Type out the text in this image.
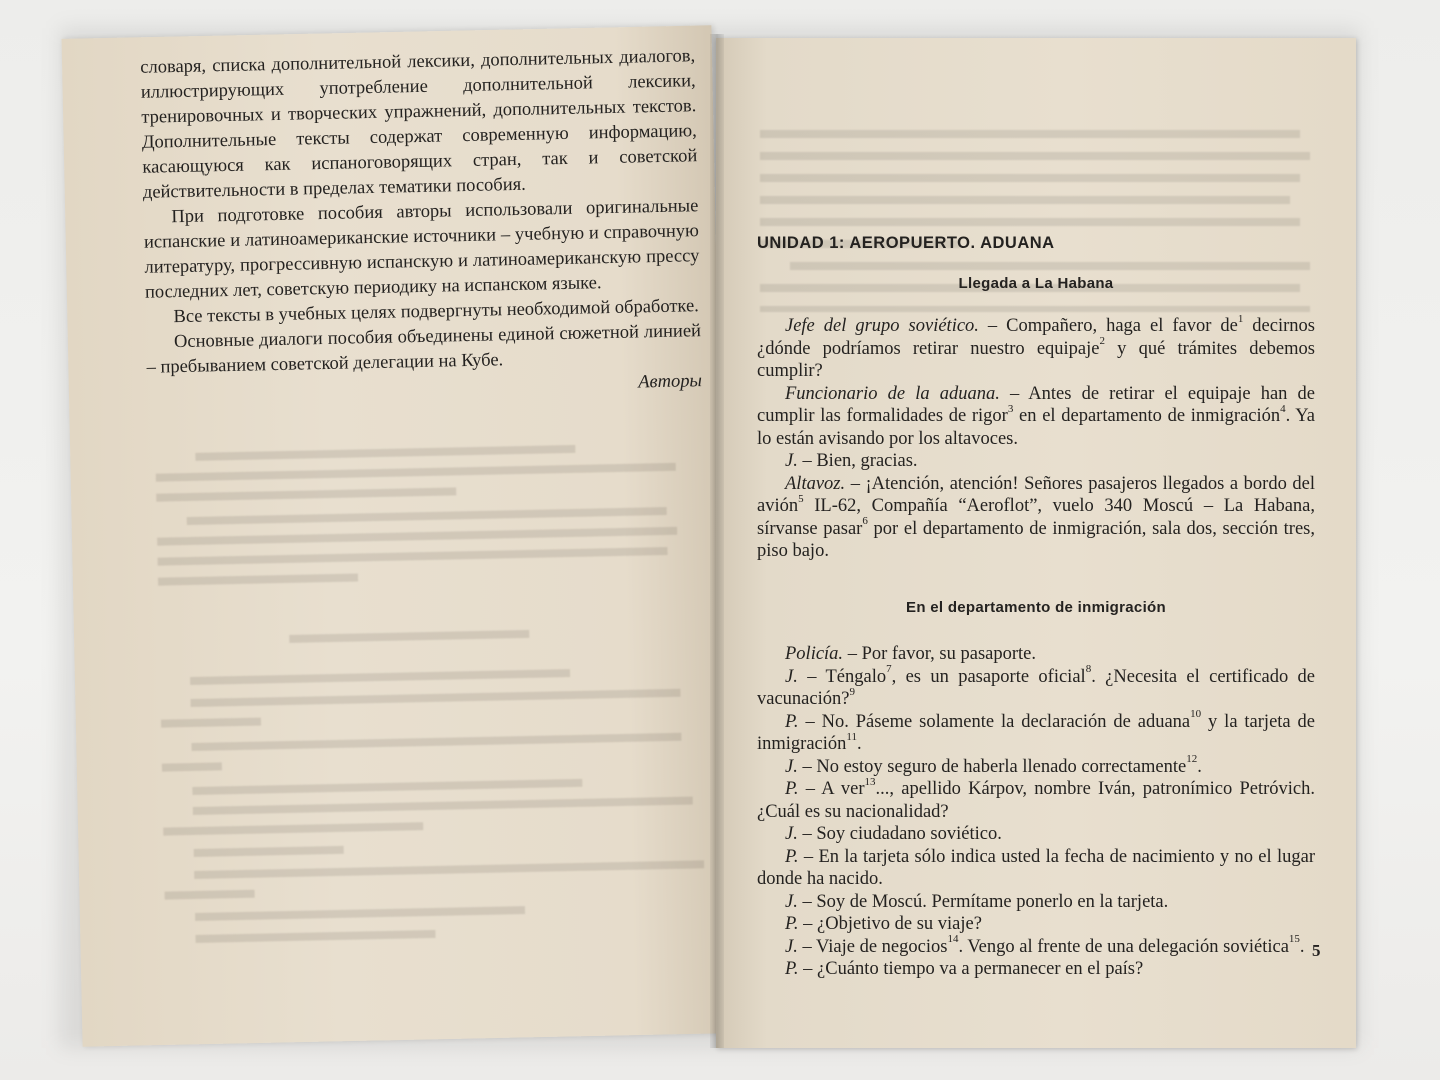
словаря, списка дополнительной лексики, дополнительных диалогов, иллюстрирующих употребление дополнительной лексики, тренировочных и творческих упражнений, дополнительных текстов. Дополнительные тексты содержат современную информацию, касающуюся как испаноговорящих стран, так и советской действительности в пределах тематики пособия.

При подготовке пособия авторы использовали оригинальные испанские и латиноамериканские источники – учебную и справочную литературу, прогрессивную испанскую и латиноамериканскую прессу последних лет, советскую периодику на испанском языке.

Все тексты в учебных целях подвергнуты необходимой обработке.

Основные диалоги пособия объединены единой сюжетной линией – пребыванием советской делегации на Кубе.

Авторы

UNIDAD 1: AEROPUERTO. ADUANA
Llegada a La Habana

Jefe del grupo soviético. – Compañero, haga el favor $de^1$ decirnos ¿dónde podríamos retirar nuestro equipaje$^2$ y qué trámites debemos cumplir?

Funcionario de la aduana. – Antes de retirar el equipaje han de cumplir las formalidades de rigor$^3$ en el departamento de inmigración$^4$. Ya lo están avisando por los altavoces.

J. – Bien, gracias.

Altavoz. – ¡Atención, atención! Señores pasajeros llegados a bordo del avión$^5$ IL-62, Compañía “Aeroflot”, vuelo 340 Moscú – La Habana, sírvanse pasar$^6$ por el departamento de inmigración, sala dos, sección tres, piso bajo.

En el departamento de inmigración

Policía. – Por favor, su pasaporte.

J. – Téngalo$^7$, es un pasaporte oficial$^8$. ¿Necesita el certificado de vacunación?$^9$

P. – No. Páseme solamente la declaración de aduana$^{10}$ y la tarjeta de inmigración$^{11}$.

J. – No estoy seguro de haberla llenado correctamente$^{12}$.

P. – A ver$^{13}$..., apellido Kárpov, nombre Iván, patronímico Petróvich. ¿Cuál es su nacionalidad?

J. – Soy ciudadano soviético.

P. – En la tarjeta sólo indica usted la fecha de nacimiento y no el lugar donde ha nacido.

J. – Soy de Moscú. Permítame ponerlo en la tarjeta.

P. – ¿Objetivo de su viaje?

J. – Viaje de negocios$^{14}$. Vengo al frente de una delegación soviética$^{15}$.

P. – ¿Cuánto tiempo va a permanecer en el país?

5
